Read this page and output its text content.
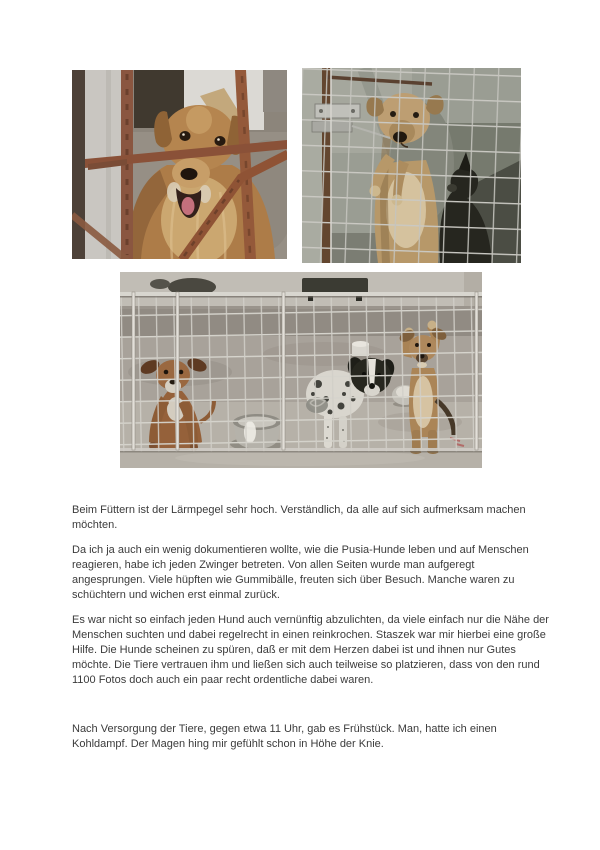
Beim Füttern ist der Lärmpegel sehr hoch. Verständlich, da alle auf sich aufmerksam machen möchten.

Da ich ja auch ein wenig dokumentieren wollte, wie die Pusia-Hunde leben und auf Menschen reagieren, habe ich jeden Zwinger betreten. Von allen Seiten wurde man aufgeregt angesprungen. Viele hüpften wie Gummibälle, freuten sich über Besuch. Manche waren zu schüchtern und wichen erst einmal zurück.

Es war nicht so einfach jeden Hund auch vernünftig abzulichten, da viele einfach nur die Nähe der Menschen suchten und dabei regelrecht in einen reinkrochen. Staszek war mir hierbei eine große Hilfe. Die Hunde scheinen zu spüren, daß er mit dem Herzen dabei ist und ihnen nur Gutes möchte. Die Tiere vertrauen ihm und ließen sich auch teilweise so platzieren, dass von den rund 1100 Fotos doch auch ein paar recht ordentliche dabei waren.

Nach Versorgung der Tiere, gegen etwa 11 Uhr, gab es Frühstück. Man, hatte ich einen Kohldampf. Der Magen hing mir gefühlt schon in Höhe der Knie.
